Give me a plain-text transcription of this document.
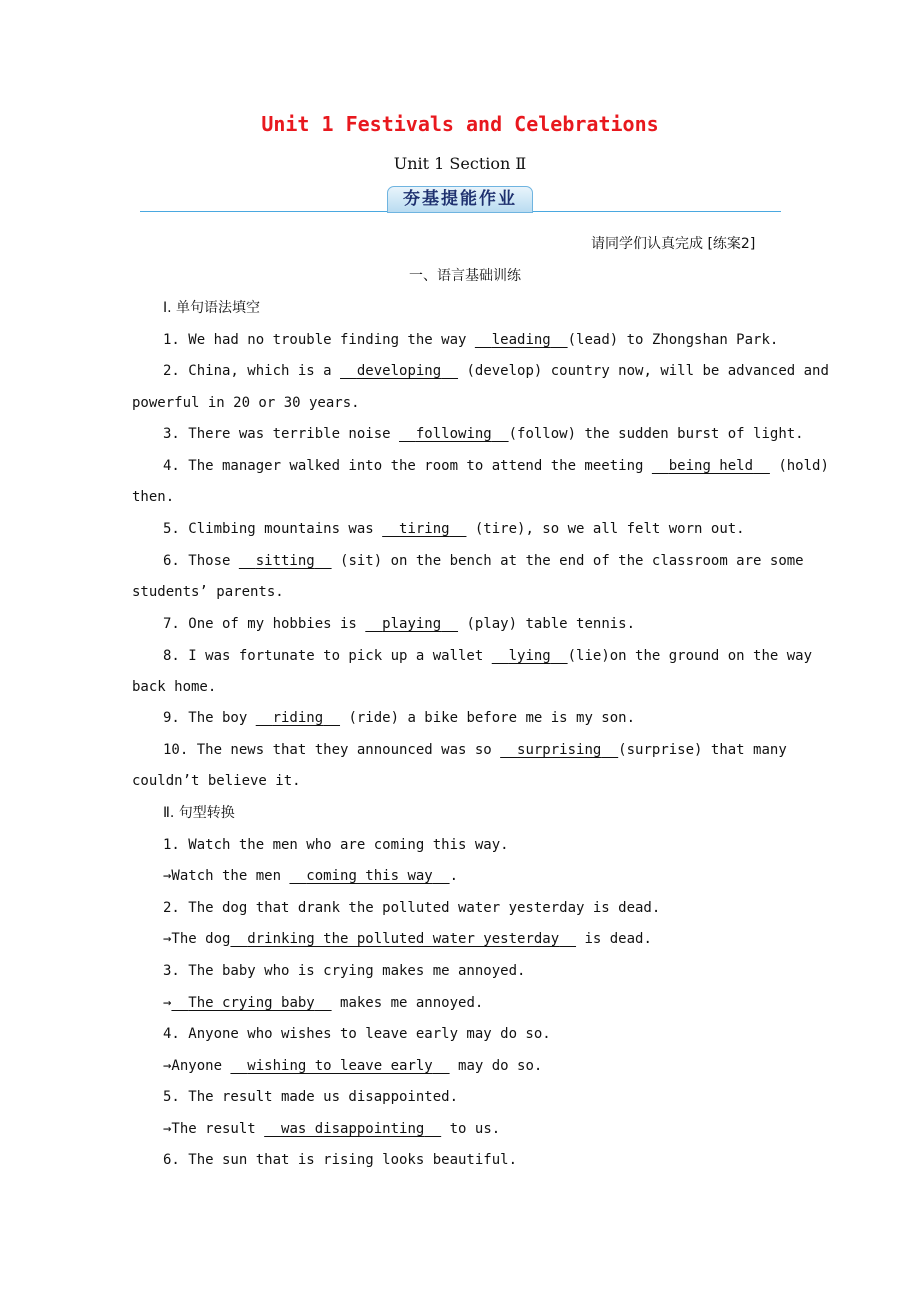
Unit 1 Festivals and Celebrations
Unit 1 Section Ⅱ
夯基提能作业
请同学们认真完成 [练案2]
一、语言基础训练
Ⅰ. 单句语法填空
1. We had no trouble finding the way   leading (lead) to Zhongshan Park.
2. China, which is a   developing   (develop) country now, will be advanced and
powerful in 20 or 30 years.
3. There was terrible noise   following (follow) the sudden burst of light.
4. The manager walked into the room to attend the meeting   being held   (hold)
then.
5. Climbing mountains was   tiring   (tire), so we all felt worn out.
6. Those   sitting   (sit) on the bench at the end of the classroom are some
students’ parents.
7. One of my hobbies is   playing   (play) table tennis.
8. I was fortunate to pick up a wallet   lying (lie)on the ground on the way
back home.
9. The boy   riding   (ride) a bike before me is my son.
10. The news that they announced was so   surprising (surprise) that many
couldn’t believe it.
Ⅱ. 句型转换
1. Watch the men who are coming this way.
→Watch the men   coming this way .
2. The dog that drank the polluted water yesterday is dead.
→The dog drinking the polluted water yesterday   is dead.
3. The baby who is crying makes me annoyed.
→ The crying baby   makes me annoyed.
4. Anyone who wishes to leave early may do so.
→Anyone   wishing to leave early   may do so.
5. The result made us disappointed.
→The result   was disappointing   to us.
6. The sun that is rising looks beautiful.
